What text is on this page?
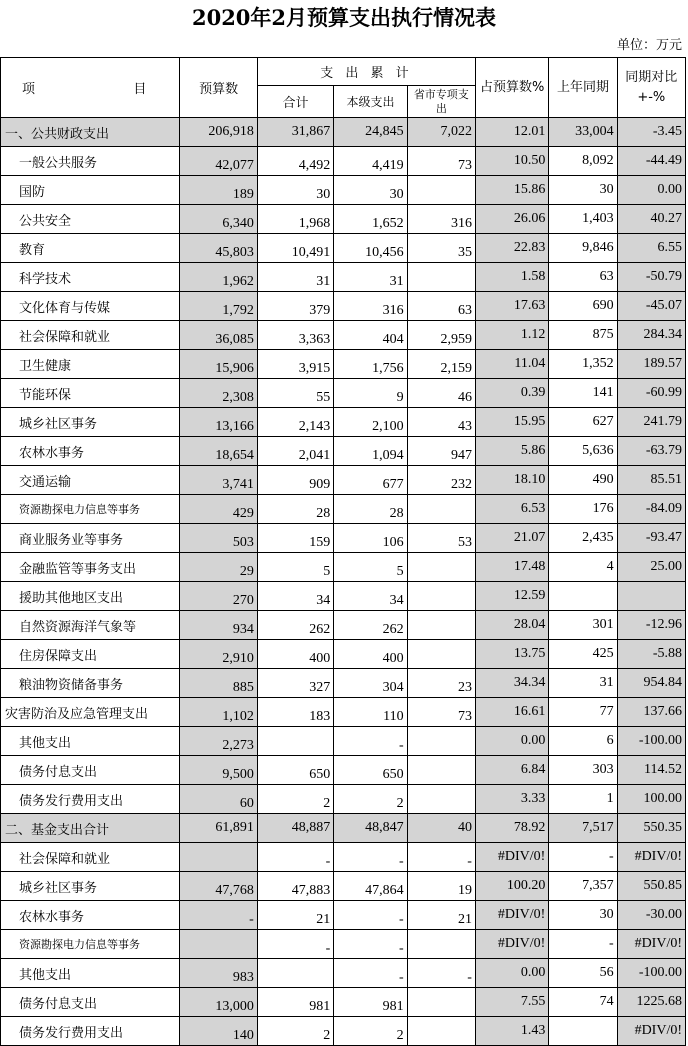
2020年2月预算支出执行情况表
单位：万元
项 目	预算数	支 出 累 计			占预算数%	上年同期	同期对比+-%
		合计	本级支出	省市专项支出			
一、公共财政支出	206,918	31,867	24,845	7,022	12.01	33,004	-3.45
一般公共服务	42,077	4,492	4,419	73	10.50	8,092	-44.49
国防	189	30	30		15.86	30	0.00
公共安全	6,340	1,968	1,652	316	26.06	1,403	40.27
教育	45,803	10,491	10,456	35	22.83	9,846	6.55
科学技术	1,962	31	31		1.58	63	-50.79
文化体育与传媒	1,792	379	316	63	17.63	690	-45.07
社会保障和就业	36,085	3,363	404	2,959	1.12	875	284.34
卫生健康	15,906	3,915	1,756	2,159	11.04	1,352	189.57
节能环保	2,308	55	9	46	0.39	141	-60.99
城乡社区事务	13,166	2,143	2,100	43	15.95	627	241.79
农林水事务	18,654	2,041	1,094	947	5.86	5,636	-63.79
交通运输	3,741	909	677	232	18.10	490	85.51
资源勘探电力信息等事务	429	28	28		6.53	176	-84.09
商业服务业等事务	503	159	106	53	21.07	2,435	-93.47
金融监管等事务支出	29	5	5		17.48	4	25.00
援助其他地区支出	270	34	34		12.59		
自然资源海洋气象等	934	262	262		28.04	301	-12.96
住房保障支出	2,910	400	400		13.75	425	-5.88
粮油物资储备事务	885	327	304	23	34.34	31	954.84
灾害防治及应急管理支出	1,102	183	110	73	16.61	77	137.66
其他支出	2,273		-		0.00	6	-100.00
债务付息支出	9,500	650	650		6.84	303	114.52
债务发行费用支出	60	2	2		3.33	1	100.00
二、基金支出合计	61,891	48,887	48,847	40	78.92	7,517	550.35
社会保障和就业		-	-	-	#DIV/0!	-	#DIV/0!
城乡社区事务	47,768	47,883	47,864	19	100.20	7,357	550.85
农林水事务	-	21	-	21	#DIV/0!	30	-30.00
资源勘探电力信息等事务		-	-		#DIV/0!	-	#DIV/0!
其他支出	983		-	-	0.00	56	-100.00
债务付息支出	13,000	981	981		7.55	74	1225.68
债务发行费用支出	140	2	2		1.43		#DIV/0!
